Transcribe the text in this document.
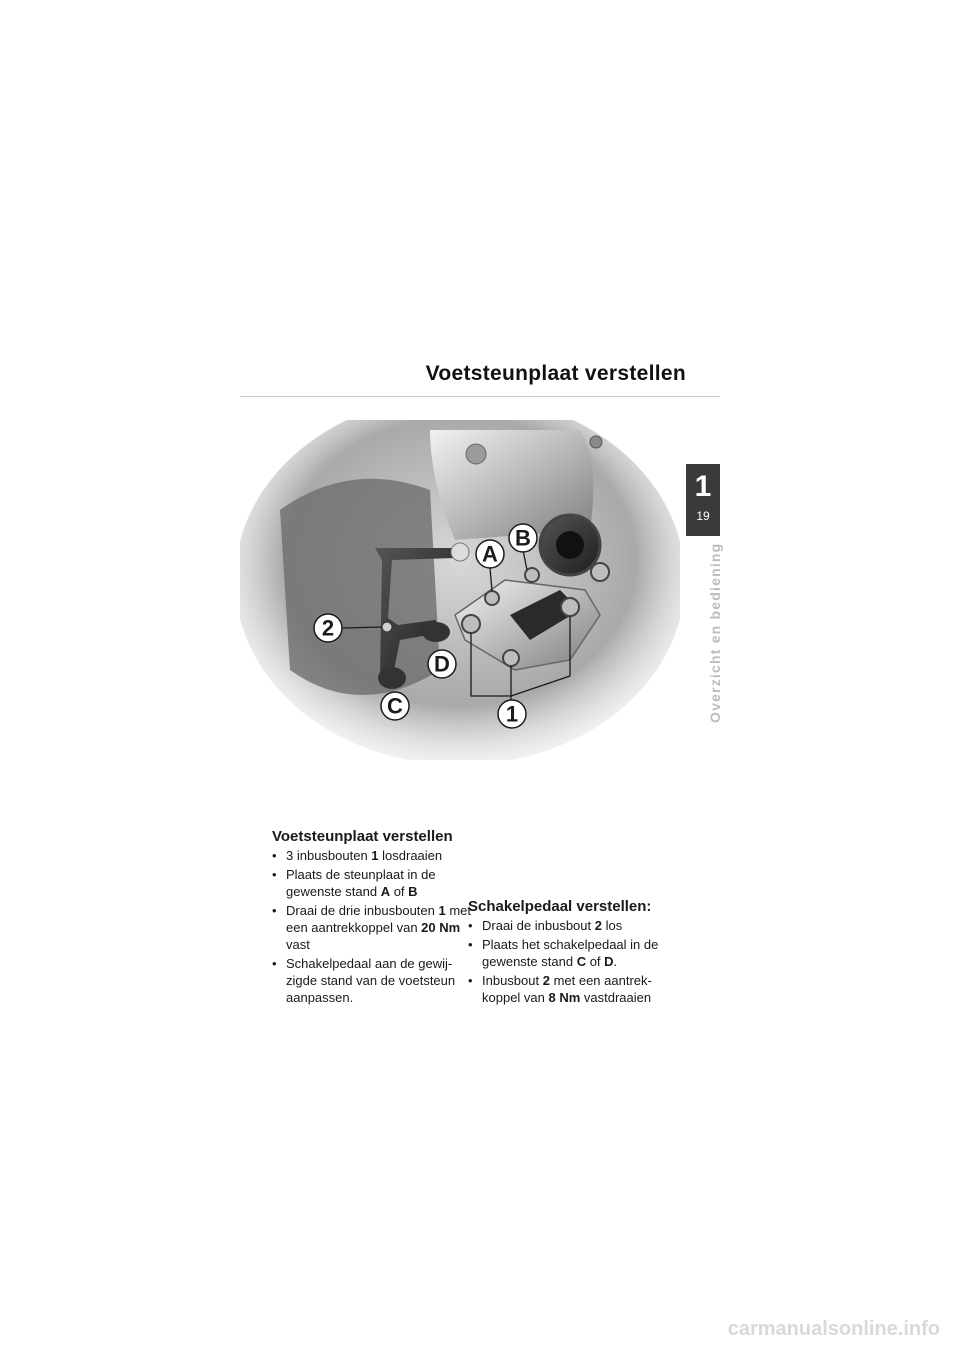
Voetsteunplaat verstellen
1
19
Overzicht en bediening
A
B
2
D
C	1
Voetsteunplaat verstellen
• 3 inbusbouten 1 losdraaien
• Plaats de steunplaat in de gewenste stand A of B
• Draai de drie inbusbouten 1 met een aantrekkoppel van 20 Nm vast
• Schakelpedaal aan de gewij-zigde stand van de voetsteun aanpassen.
Schakelpedaal verstellen:
• Draai de inbusbout 2 los
• Plaats het schakelpedaal in de gewenste stand C of D.
• Inbusbout 2 met een aantrek-koppel van 8 Nm vastdraaien
carmanualsonline.info
